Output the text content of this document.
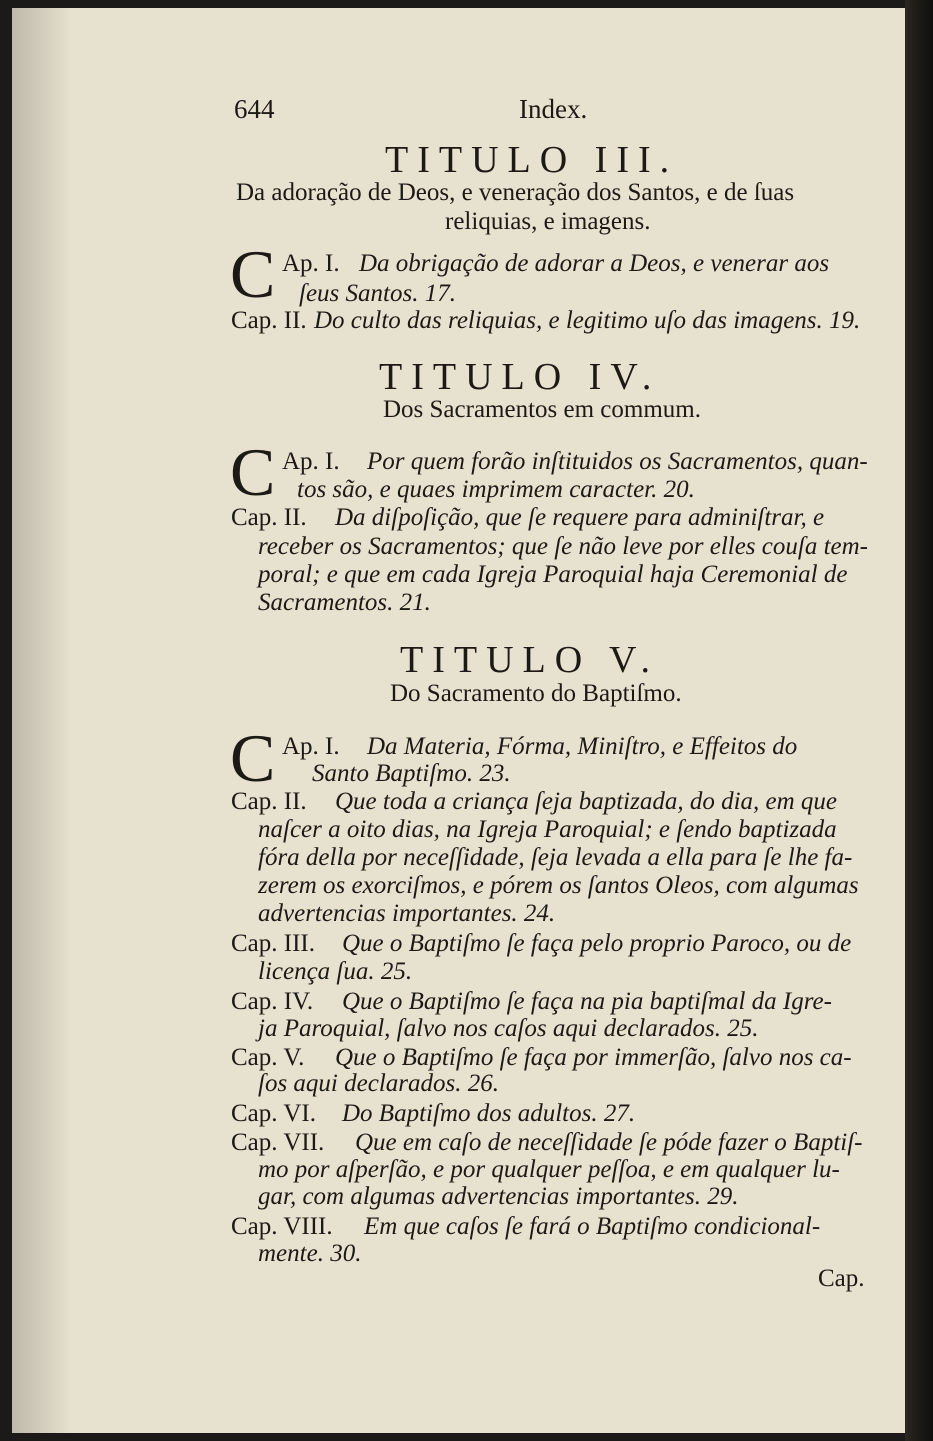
644	Index.
TITULO III.
Da adoração de Deos, e veneração dos Santos, e de ſuas
reliquias, e imagens.
C Ap. I. Da obrigação de adorar a Deos, e venerar aos
ſeus Santos. 17.
Cap. II. Do culto das reliquias, e legitimo uſo das imagens. 19.
TITULO IV.
Dos Sacramentos em commum.
C Ap. I. Por quem forão inſtituidos os Sacramentos, quan-
tos são, e quaes imprimem caracter. 20.
Cap. II. Da diſpoſição, que ſe requere para adminiſtrar, e
receber os Sacramentos; que ſe não leve por elles couſa tem-
poral; e que em cada Igreja Paroquial haja Ceremonial de
Sacramentos. 21.
TITULO V.
Do Sacramento do Baptiſmo.
C Ap. I. Da Materia, Fórma, Miniſtro, e Effeitos do
Santo Baptiſmo. 23.
Cap. II. Que toda a criança ſeja baptizada, do dia, em que
naſcer a oito dias, na Igreja Paroquial; e ſendo baptizada
fóra della por neceſſidade, ſeja levada a ella para ſe lhe fa-
zerem os exorciſmos, e pórem os ſantos Oleos, com algumas
advertencias importantes. 24.
Cap. III. Que o Baptiſmo ſe faça pelo proprio Paroco, ou de
licença ſua. 25.
Cap. IV. Que o Baptiſmo ſe faça na pia baptiſmal da Igre-
ja Paroquial, ſalvo nos caſos aqui declarados. 25.
Cap. V. Que o Baptiſmo ſe faça por immerſão, ſalvo nos ca-
ſos aqui declarados. 26.
Cap. VI. Do Baptiſmo dos adultos. 27.
Cap. VII. Que em caſo de neceſſidade ſe póde fazer o Baptiſ-
mo por aſperſão, e por qualquer peſſoa, e em qualquer lu-
gar, com algumas advertencias importantes. 29.
Cap. VIII. Em que caſos ſe fará o Baptiſmo condicional-
mente. 30.
Cap.
